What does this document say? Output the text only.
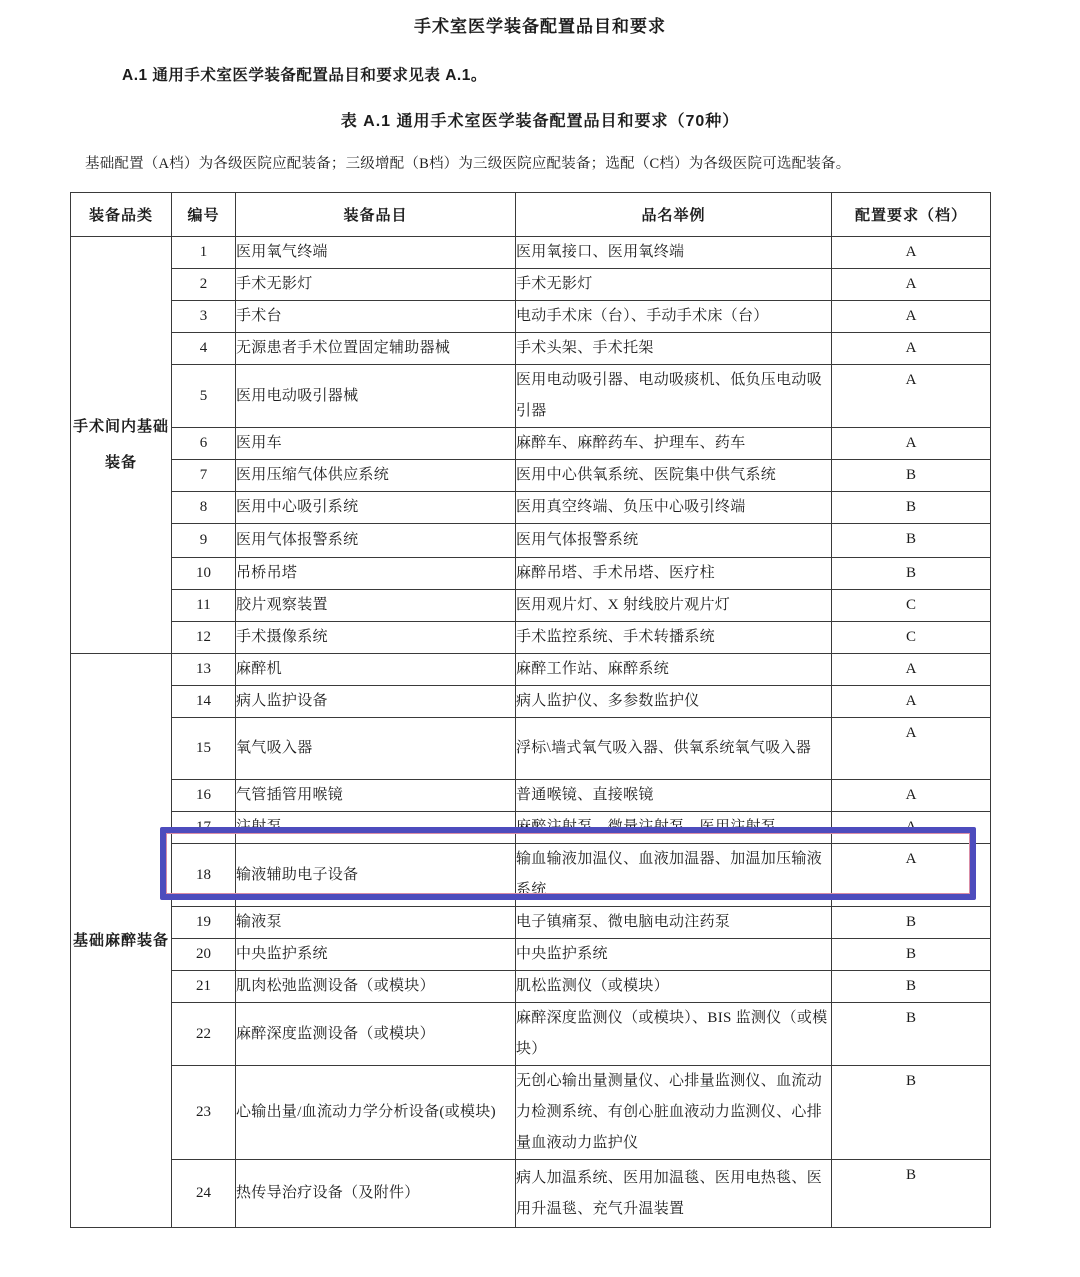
手术室医学装备配置品目和要求
A.1 通用手术室医学装备配置品目和要求见表 A.1。
表 A.1 通用手术室医学装备配置品目和要求（70种）
基础配置（A档）为各级医院应配装备；三级增配（B档）为三级医院应配装备；选配（C档）为各级医院可选配装备。
装备品类	编号	装备品目	品名举例	配置要求（档）
手术间内基础装备	1	医用氧气终端	医用氧接口、医用氧终端	A

	2	手术无影灯	手术无影灯	A

	3	手术台	电动手术床（台）、手动手术床（台）	A

	4	无源患者手术位置固定辅助器械	手术头架、手术托架	A

	5	医用电动吸引器械	医用电动吸引器、电动吸痰机、低负压电动吸引器	A

	6	医用车	麻醉车、麻醉药车、护理车、药车	A

	7	医用压缩气体供应系统	医用中心供氧系统、医院集中供气系统	B

	8	医用中心吸引系统	医用真空终端、负压中心吸引终端	B

	9	医用气体报警系统	医用气体报警系统	B

	10	吊桥吊塔	麻醉吊塔、手术吊塔、医疗柱	B

	11	胶片观察装置	医用观片灯、X 射线胶片观片灯	C

	12	手术摄像系统	手术监控系统、手术转播系统	C

基础麻醉装备	13	麻醉机	麻醉工作站、麻醉系统	A

	14	病人监护设备	病人监护仪、多参数监护仪	A

	15	氧气吸入器	浮标\墙式氧气吸入器、供氧系统氧气吸入器	A

	16	气管插管用喉镜	普通喉镜、直接喉镜	A

	17	注射泵	麻醉注射泵、微量注射泵、医用注射泵	A

	18	输液辅助电子设备	输血输液加温仪、血液加温器、加温加压输液系统	A

	19	输液泵	电子镇痛泵、微电脑电动注药泵	B

	20	中央监护系统	中央监护系统	B

	21	肌肉松弛监测设备（或模块）	肌松监测仪（或模块）	B

	22	麻醉深度监测设备（或模块）	麻醉深度监测仪（或模块）、BIS 监测仪（或模块）	B

	23	心输出量/血流动力学分析设备(或模块)	无创心输出量测量仪、心排量监测仪、血流动力检测系统、有创心脏血液动力监测仪、心排量血液动力监护仪	B

	24	热传导治疗设备（及附件）	病人加温系统、医用加温毯、医用电热毯、医用升温毯、充气升温装置	B
